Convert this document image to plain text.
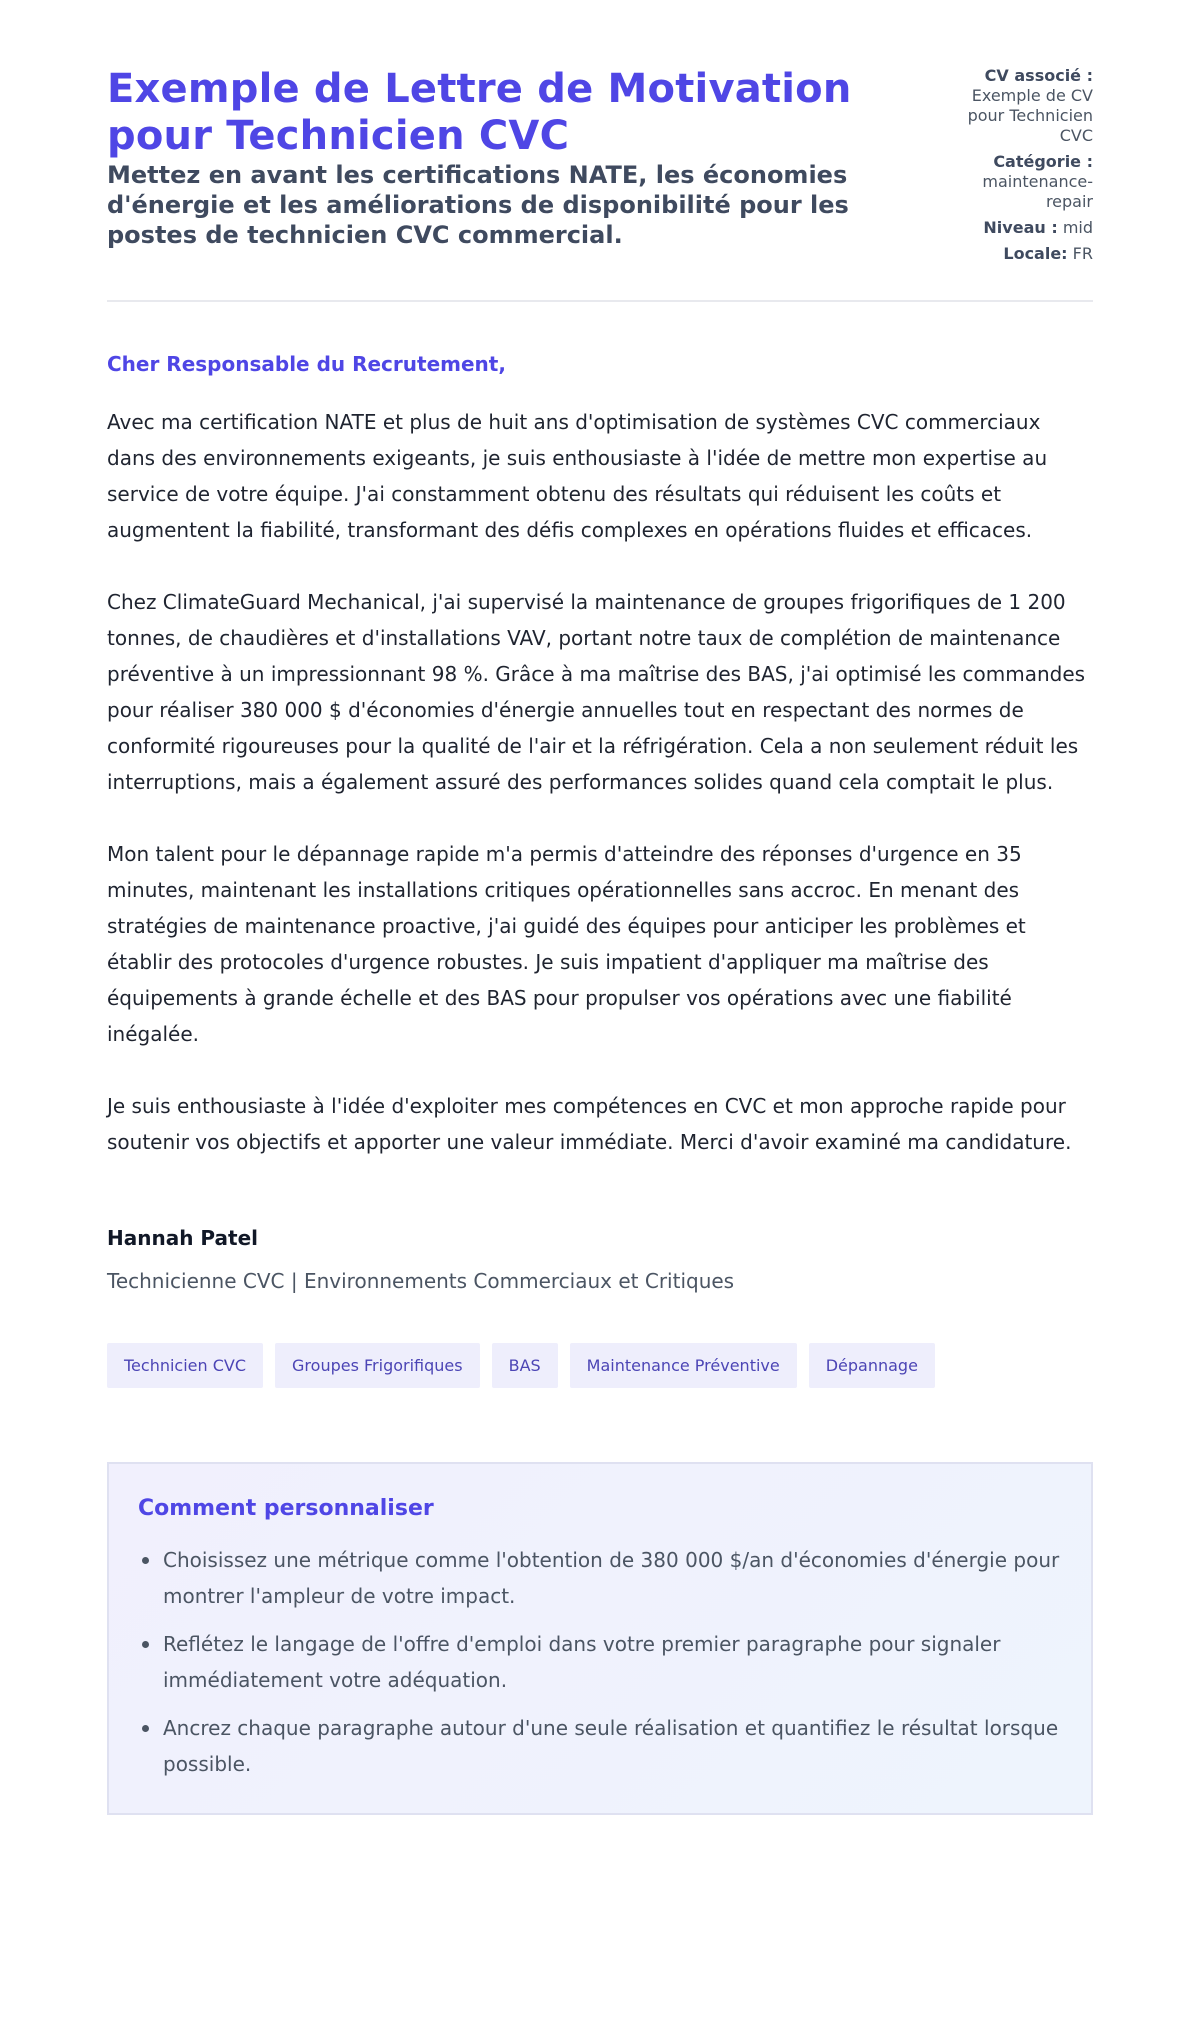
Exemple de Lettre de Motivation pour Technicien CVC
Mettez en avant les certifications NATE, les économies d'énergie et les améliorations de disponibilité pour les postes de technicien CVC commercial.
CV associé :
Exemple de CV pour Technicien CVC
Catégorie :
maintenance-repair
Niveau : mid
Locale: FR

Cher Responsable du Recrutement,

Avec ma certification NATE et plus de huit ans d'optimisation de systèmes CVC commerciaux dans des environnements exigeants, je suis enthousiaste à l'idée de mettre mon expertise au service de votre équipe. J'ai constamment obtenu des résultats qui réduisent les coûts et augmentent la fiabilité, transformant des défis complexes en opérations fluides et efficaces.

Chez ClimateGuard Mechanical, j'ai supervisé la maintenance de groupes frigorifiques de 1 200 tonnes, de chaudières et d'installations VAV, portant notre taux de complétion de maintenance préventive à un impressionnant 98 %. Grâce à ma maîtrise des BAS, j'ai optimisé les commandes pour réaliser 380 000 $ d'économies d'énergie annuelles tout en respectant des normes de conformité rigoureuses pour la qualité de l'air et la réfrigération. Cela a non seulement réduit les interruptions, mais a également assuré des performances solides quand cela comptait le plus.

Mon talent pour le dépannage rapide m'a permis d'atteindre des réponses d'urgence en 35 minutes, maintenant les installations critiques opérationnelles sans accroc. En menant des stratégies de maintenance proactive, j'ai guidé des équipes pour anticiper les problèmes et établir des protocoles d'urgence robustes. Je suis impatient d'appliquer ma maîtrise des équipements à grande échelle et des BAS pour propulser vos opérations avec une fiabilité inégalée.

Je suis enthousiaste à l'idée d'exploiter mes compétences en CVC et mon approche rapide pour soutenir vos objectifs et apporter une valeur immédiate. Merci d'avoir examiné ma candidature.

Hannah Patel
Technicienne CVC | Environnements Commerciaux et Critiques
Technicien CVC	Groupes Frigorifiques	BAS	Maintenance Préventive	Dépannage
Comment personnaliser
Choisissez une métrique comme l'obtention de 380 000 $/an d'économies d'énergie pour montrer l'ampleur de votre impact.
Reflétez le langage de l'offre d'emploi dans votre premier paragraphe pour signaler immédiatement votre adéquation.
Ancrez chaque paragraphe autour d'une seule réalisation et quantifiez le résultat lorsque possible.
